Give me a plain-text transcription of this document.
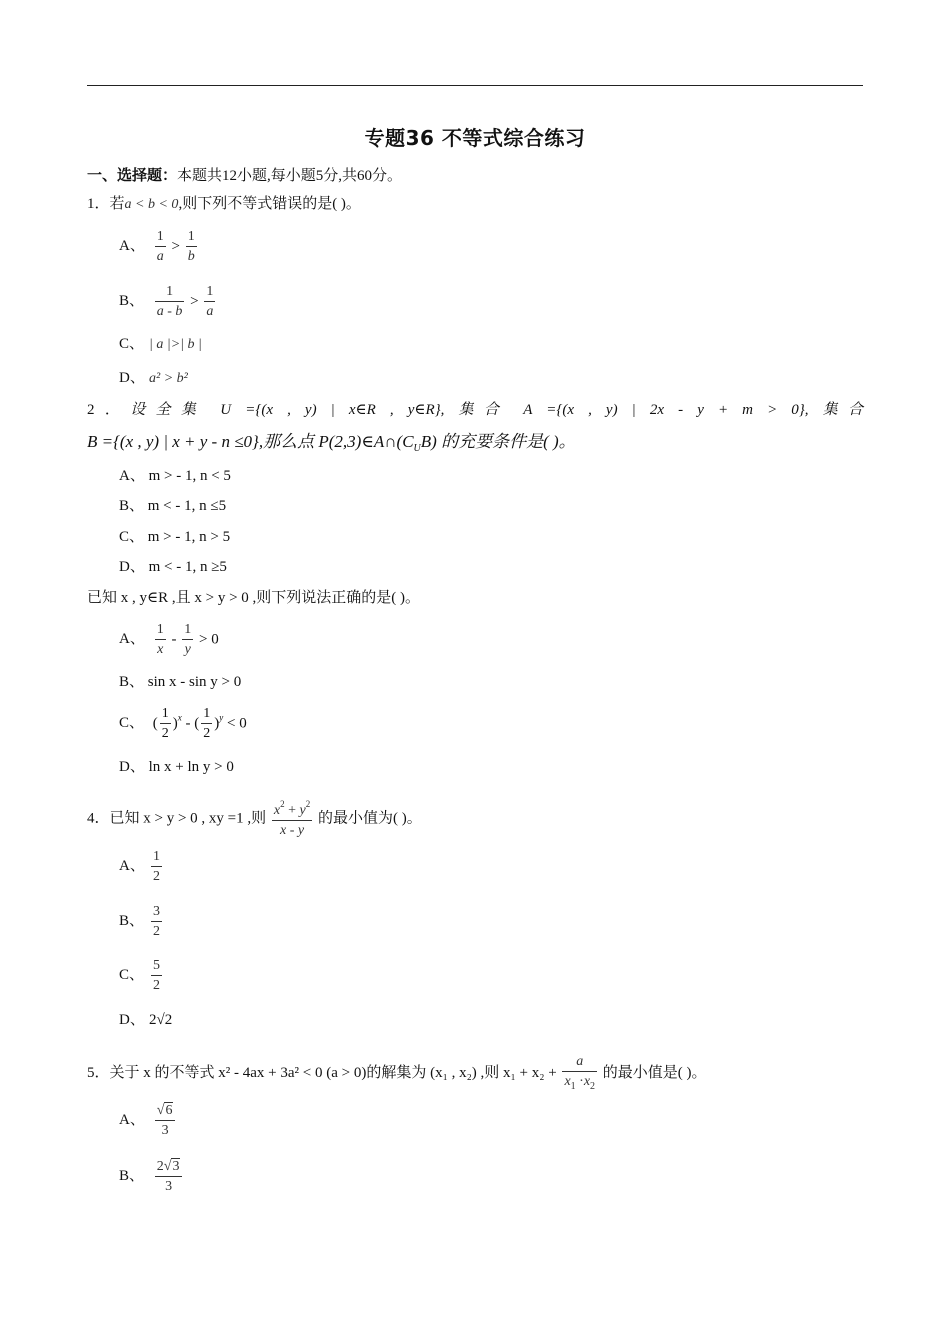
专题36 不等式综合练习
一、选择题：本题共12小题,每小题5分,共60分。
1．若a < b < 0,则下列不等式错误的是( )。
A、 $\frac{1}{a} > \frac{1}{b}$
B、 $\frac{1}{a - b} > \frac{1}{a}$
C、 | a |>| b |
D、 a² > b²
2．设全集 U ={(x , y) | x∈R , y∈R}, 集合 A ={(x , y) | 2x - y + m > 0}, 集合
B ={(x , y) | x + y - n ≤0},那么点 $P(2,3)\in A\cap(C_UB)$ 的充要条件是( )。
A、 m > - 1, n < 5
B、 m < - 1, n ≤5
C、 m > - 1, n > 5
D、 m < - 1, n ≥5
已知 x , y∈R ,且 x > y > 0 ,则下列说法正确的是( )。
A、 $\frac{1}{x} - \frac{1}{y} > 0$
B、 sin x - sin y > 0
C、 ( $\frac{1}{2} )^x$ - ( $\frac{1}{2} )^y < 0$
D、 ln x + ln y > 0
4．已知 x > y > 0 , xy =1 ,则 $\frac{x^2 + y^2}{x - y}$ 的最小值为( )。
A、 $\frac{1}{2}$
B、 $\frac{3}{2}$
C、 $\frac{5}{2}$
D、 2√2
5．关于 x 的不等式 x² - 4ax + 3a² < 0 (a > 0)的解集为 (x₁ , x₂) ,则 $x_1 + x_2 + \frac{a}{x_1 \cdot x_2}$ 的最小值是( )。
A、 $\frac{√6}{3}$
B、 $\frac{2√3}{3}$
